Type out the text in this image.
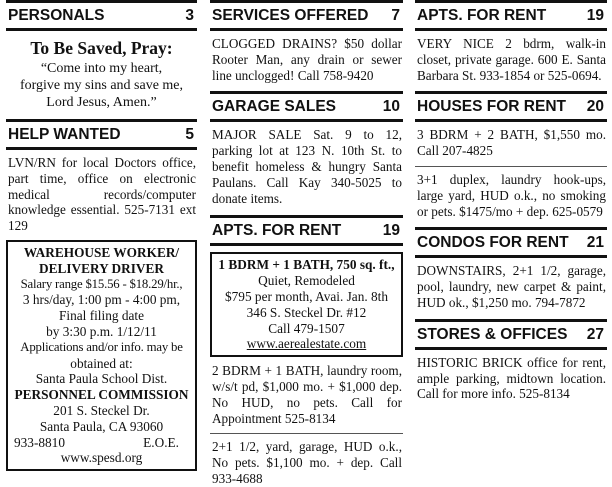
PERSONALS	3
To Be Saved, Pray:
“Come into my heart,
forgive my sins and save me,
Lord Jesus, Amen.”
HELP WANTED	5
LVN/RN for local Doctors office, part time, office on electronic medical records/computer knowledge essential. 525-7131 ext 129
WAREHOUSE WORKER/
DELIVERY DRIVER
Salary range $15.56 - $18.29/hr.,
3 hrs/day, 1:00 pm - 4:00 pm,
Final filing date
by 3:30 p.m. 1/12/11
Applications and/or info. may be
obtained at:
Santa Paula School Dist.
PERSONNEL COMMISSION
201 S. Steckel Dr.
Santa Paula, CA 93060
933-8810	E.O.E.
www.spesd.org
SERVICES OFFERED 7
CLOGGED DRAINS? $50 dollar Rooter Man, any drain or sewer line unclogged! Call 758-9420
GARAGE SALES	10
MAJOR SALE Sat. 9 to 12, parking lot at 123 N. 10th St. to benefit homeless & hungry Santa Paulans. Call Kay 340-5025 to donate items.
APTS. FOR RENT	19
1 BDRM + 1 BATH, 750 sq. ft.,
Quiet, Remodeled
$795 per month, Avai. Jan. 8th
346 S. Steckel Dr. #12
Call 479-1507
www.aerealestate.com
2 BDRM + 1 BATH, laundry room, w/s/t pd, $1,000 mo. + $1,000 dep. No HUD, no pets. Call for Appointment 525-8134
2+1 1/2, yard, garage, HUD o.k., No pets. $1,100 mo. + dep. Call 933-4688
APTS. FOR RENT	19
VERY NICE 2 bdrm, walk-in closet, private garage. 600 E. Santa Barbara St. 933-1854 or 525-0694.
HOUSES FOR RENT 20
3 BDRM + 2 BATH, $1,550 mo. Call 207-4825
3+1 duplex, laundry hook-ups, large yard, HUD o.k., no smoking or pets. $1475/mo + dep. 625-0579
CONDOS FOR RENT 21
DOWNSTAIRS, 2+1 1/2, garage, pool, laundry, new carpet & paint, HUD ok., $1,250 mo. 794-7872
STORES & OFFICES 27
HISTORIC BRICK office for rent, ample parking, midtown location. Call for more info. 525-8134
